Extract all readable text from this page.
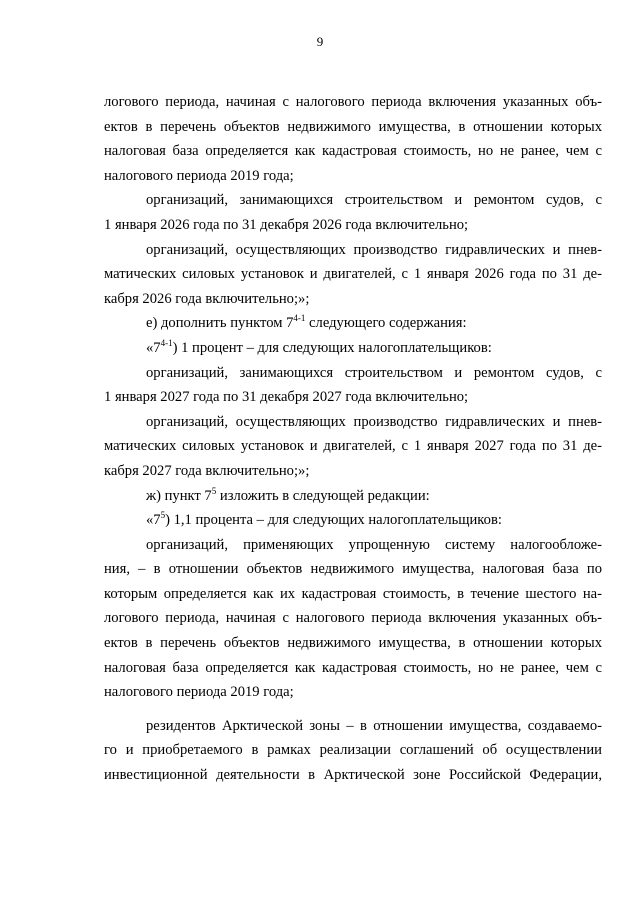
9
логового периода, начиная с налогового периода включения указанных объ-
ектов в перечень объектов недвижимого имущества, в отношении которых
налоговая база определяется как кадастровая стоимость, но не ранее, чем с
налогового периода 2019 года;
организаций, занимающихся строительством и ремонтом судов, с
1 января 2026 года по 31 декабря 2026 года включительно;
организаций, осуществляющих производство гидравлических и пнев-
матических силовых установок и двигателей, с 1 января 2026 года по 31 де-
кабря 2026 года включительно;»;
е) дополнить пунктом 7$^{4-1}$ следующего содержания:
«7$^{4-1}$) 1 процент – для следующих налогоплательщиков:
организаций, занимающихся строительством и ремонтом судов, с
1 января 2027 года по 31 декабря 2027 года включительно;
организаций, осуществляющих производство гидравлических и пнев-
матических силовых установок и двигателей, с 1 января 2027 года по 31 де-
кабря 2027 года включительно;»;
ж) пункт $7^5$ изложить в следующей редакции:
«$7^5$) 1,1 процента – для следующих налогоплательщиков:
организаций, применяющих упрощенную систему налогообложе-
ния, – в отношении объектов недвижимого имущества, налоговая база по
которым определяется как их кадастровая стоимость, в течение шестого на-
логового периода, начиная с налогового периода включения указанных объ-
ектов в перечень объектов недвижимого имущества, в отношении которых
налоговая база определяется как кадастровая стоимость, но не ранее, чем с
налогового периода 2019 года;
резидентов Арктической зоны – в отношении имущества, создаваемо-
го и приобретаемого в рамках реализации соглашений об осуществлении
инвестиционной деятельности в Арктической зоне Российской Федерации,
